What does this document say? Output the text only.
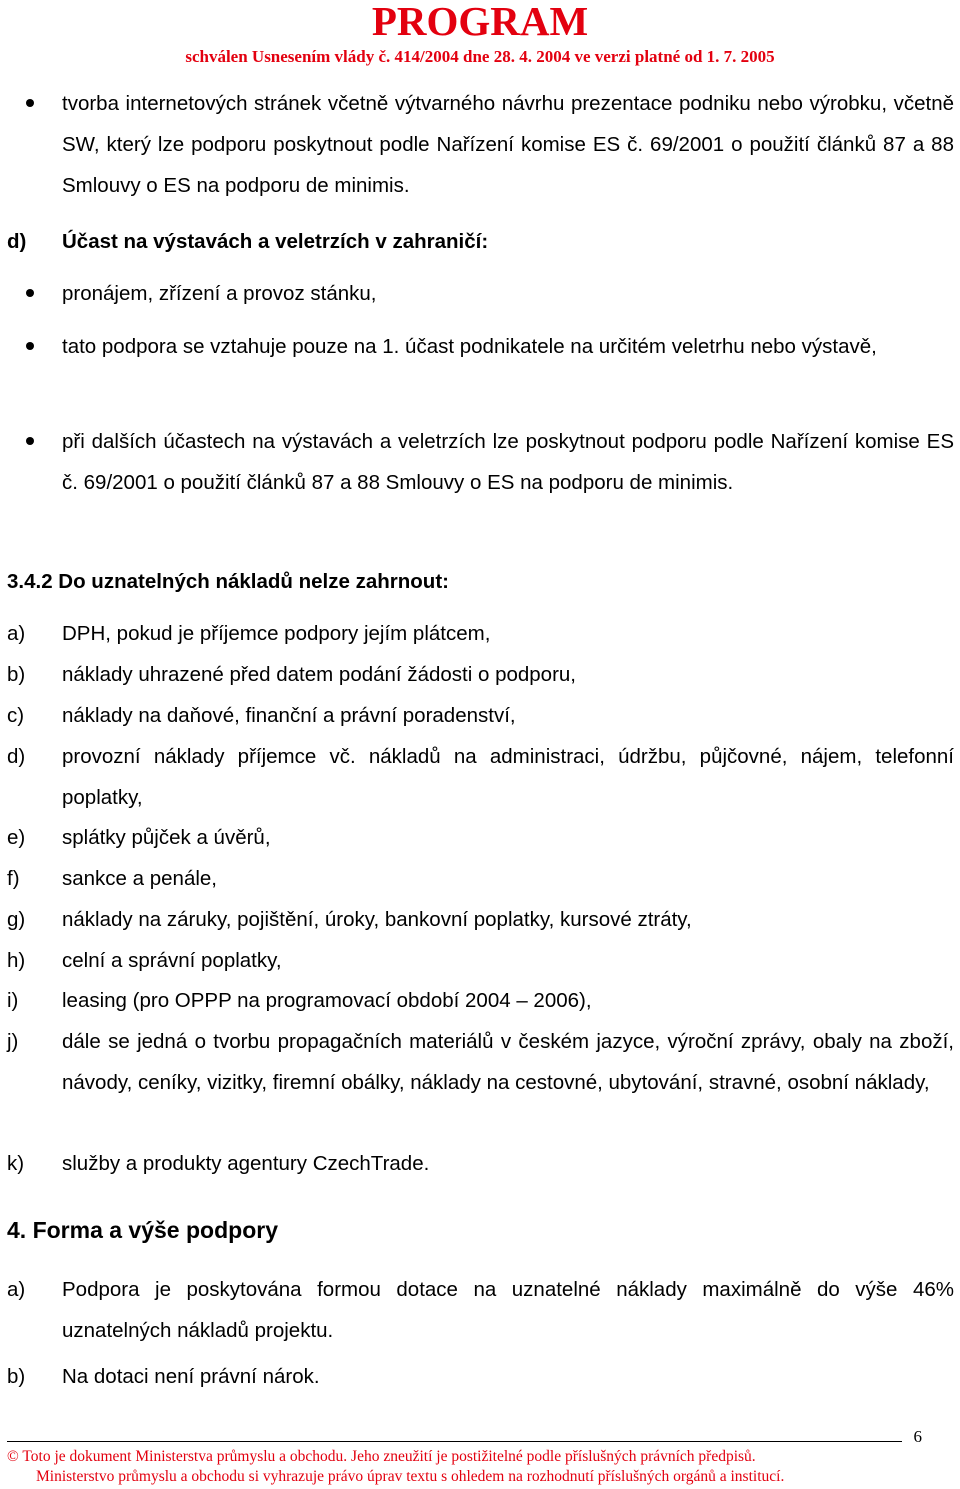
PROGRAM
schválen Usnesením vlády č. 414/2004 dne 28. 4. 2004 ve verzi platné od 1. 7. 2005
tvorba internetových stránek včetně výtvarného návrhu prezentace podniku nebo výrobku, včetně SW, který lze podporu poskytnout podle Nařízení komise ES č. 69/2001 o použití článků 87 a 88 Smlouvy o ES na podporu de minimis.
d) Účast na výstavách a veletrzích v zahraničí:
pronájem, zřízení a provoz stánku,
tato podpora se vztahuje pouze na 1. účast podnikatele na určitém veletrhu nebo výstavě,
při dalších účastech na výstavách a veletrzích lze poskytnout podporu podle Nařízení komise ES č. 69/2001 o použití článků 87 a 88 Smlouvy o ES na podporu de minimis.
3.4.2 Do uznatelných nákladů nelze zahrnout:
a) DPH, pokud je příjemce podpory jejím plátcem,
b) náklady uhrazené před datem podání žádosti o podporu,
c) náklady na daňové, finanční a právní poradenství,
d) provozní náklady příjemce vč. nákladů na administraci, údržbu, půjčovné, nájem, telefonní poplatky,
e) splátky půjček a úvěrů,
f) sankce a penále,
g) náklady na záruky, pojištění, úroky, bankovní poplatky, kursové ztráty,
h) celní a správní poplatky,
i) leasing (pro OPPP na programovací období 2004 – 2006),
j) dále se jedná o tvorbu propagačních materiálů v českém jazyce, výroční zprávy, obaly na zboží, návody, ceníky, vizitky, firemní obálky, náklady na cestovné, ubytování, stravné, osobní náklady,
k) služby a produkty agentury CzechTrade.
4. Forma a výše podpory
a) Podpora je poskytována formou dotace na uznatelné náklady maximálně do výše 46% uznatelných nákladů projektu.
b) Na dotaci není právní nárok.
6
© Toto je dokument Ministerstva průmyslu a obchodu. Jeho zneužití je postižitelné podle příslušných právních předpisů.
Ministerstvo průmyslu a obchodu si vyhrazuje právo úprav textu s ohledem na rozhodnutí příslušných orgánů a institucí.
